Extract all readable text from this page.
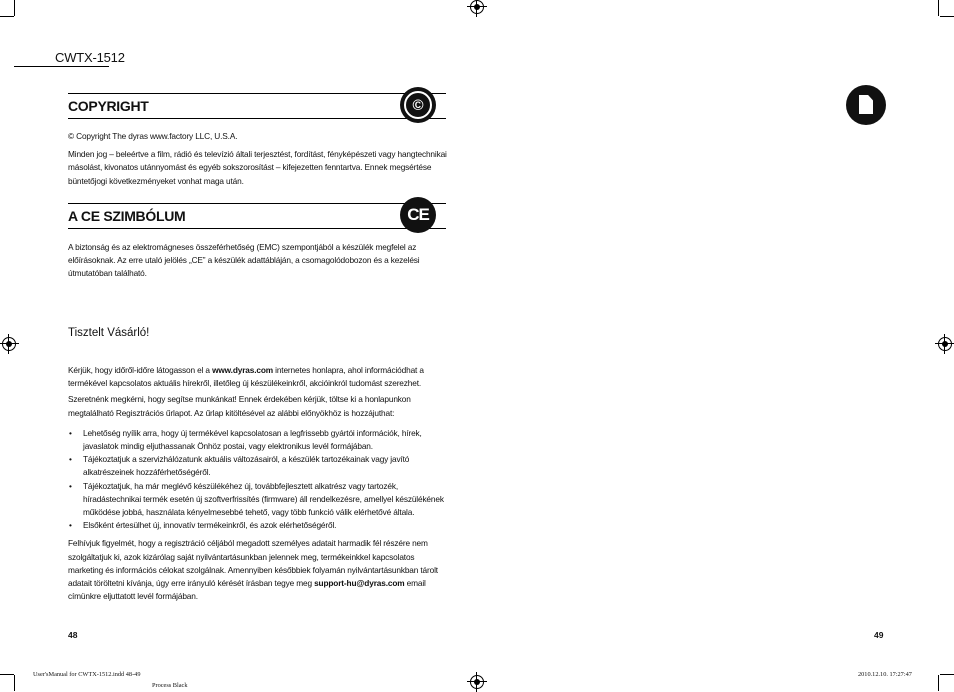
CWTX-1512
COPYRIGHT	©

© Copyright The dyras www.factory LLC, U.S.A.

Minden jog – beleértve a film, rádió és televízió általi terjesztést, fordítást, fényképészeti vagy hangtechnikai másolást, kivonatos utánnyomást és egyéb sokszorosítást – kifejezetten fenntartva. Ennek megsértése büntetőjogi következményeket vonhat maga után.

A CE SZIMBÓLUM	CE

A biztonság és az elektromágneses összeférhetőség (EMC) szempontjából a készülék megfelel az előírásoknak. Az erre utaló jelölés „CE” a készülék adattábláján, a csomagolódobozon és a kezelési útmutatóban található.

Tisztelt Vásárló!

Kérjük, hogy időről-időre látogasson el a www.dyras.com internetes honlapra, ahol információdhat a termékével kapcsolatos aktuális hírekről, illetőleg új készülékeinkről, akcióinkról tudomást szerezhet.

Szeretnénk megkérni, hogy segítse munkánkat! Ennek érdekében kérjük, töltse ki a honlapunkon megtalálható Regisztrációs űrlapot. Az űrlap kitöltésével az alábbi előnyökhöz is hozzájuthat:

• Lehetőség nyílik arra, hogy új termékével kapcsolatosan a legfrissebb gyártói információk, hírek, javaslatok mindig eljuthassanak Önhöz postai, vagy elektronikus levél formájában.
• Tájékoztatjuk a szervizhálózatunk aktuális változásairól, a készülék tartozékainak vagy javító alkatrészeinek hozzáférhetőségéről.
• Tájékoztatjuk, ha már meglévő készülékéhez új, továbbfejlesztett alkatrész vagy tartozék, híradástechnikai termék esetén új szoftverfrissítés (firmware) áll rendelkezésre, amellyel készülékének működése jobbá, használata kényelmesebbé tehető, vagy több funkció válik elérhetővé általa.
• Elsőként értesülhet új, innovatív termékeinkről, és azok elérhetőségéről.

Felhívjuk figyelmét, hogy a regisztráció céljából megadott személyes adatait harmadik fél részére nem szolgáltatjuk ki, azok kizárólag saját nyilvántartásunkban jelennek meg, termékeinkkel kapcsolatos marketing és információs célokat szolgálnak. Amennyiben későbbiek folyamán nyilvántartásunkban tárolt adatait töröltetni kívánja, úgy erre irányuló kérését írásban tegye meg support-hu@dyras.com email címünkre eljuttatott levél formájában.

48	49
User'sManual for CWTX-1512.indd 48-49
Process Black
2010.12.10. 17:27:47
